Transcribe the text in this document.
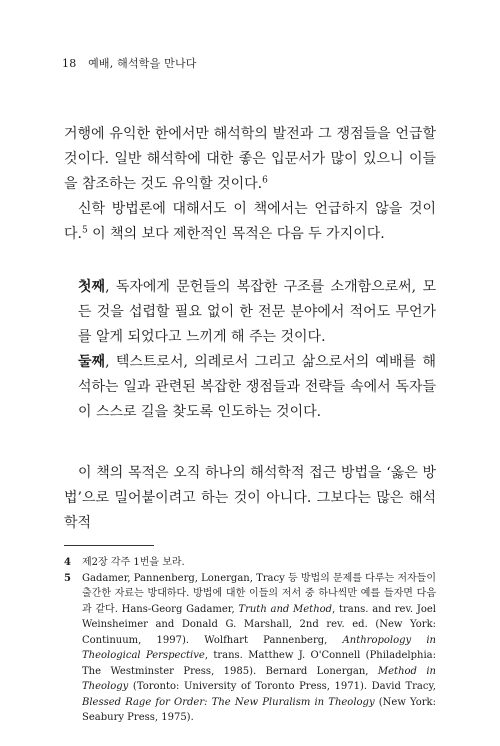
18 예배, 해석학을 만나다

거행에 유익한 한에서만 해석학의 발전과 그 쟁점들을 언급할 것이다. 일반 해석학에 대한 좋은 입문서가 많이 있으니 이들을 참조하는 것도 유익할 것이다.$^6$

신학 방법론에 대해서도 이 책에서는 언급하지 않을 것이다.$^5$ 이 책의 보다 제한적인 목적은 다음 두 가지이다.

첫째, 독자에게 문헌들의 복잡한 구조를 소개함으로써, 모든 것을 섭렵할 필요 없이 한 전문 분야에서 적어도 무언가를 알게 되었다고 느끼게 해 주는 것이다.

둘째, 텍스트로서, 의례로서 그리고 삶으로서의 예배를 해석하는 일과 관련된 복잡한 쟁점들과 전략들 속에서 독자들이 스스로 길을 찾도록 인도하는 것이다.

이 책의 목적은 오직 하나의 해석학적 접근 방법을 ‘옳은 방법’으로 밀어붙이려고 하는 것이 아니다. 그보다는 많은 해석학적

4	제2장 각주 1번을 보라.
5	Gadamer, Pannenberg, Lonergan, Tracy 등 방법의 문제를 다루는 저자들이 출간한 자료는 방대하다. 방법에 대한 이들의 저서 중 하나씩만 예를 들자면 다음과 같다. Hans-Georg Gadamer, Truth and Method, trans. and rev. Joel Weinsheimer and Donald G. Marshall, 2nd rev. ed. (New York: Continuum, 1997). Wolfhart Pannenberg, Anthropology in Theological Perspective, trans. Matthew J. O'Connell (Philadelphia: The Westminster Press, 1985). Bernard Lonergan, Method in Theology (Toronto: University of Toronto Press, 1971). David Tracy, Blessed Rage for Order: The New Pluralism in Theology (New York: Seabury Press, 1975).
